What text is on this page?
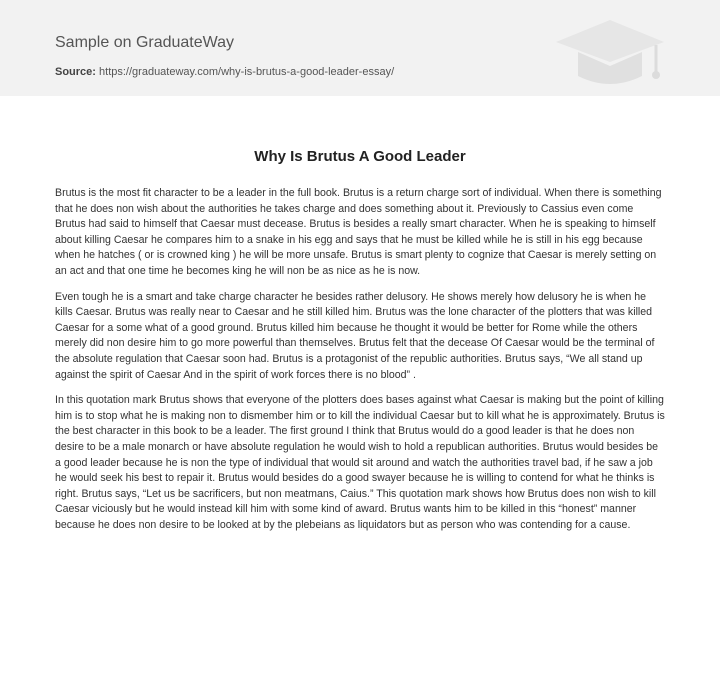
Sample on GraduateWay
Source: https://graduateway.com/why-is-brutus-a-good-leader-essay/
Why Is Brutus A Good Leader

Brutus is the most fit character to be a leader in the full book. Brutus is a return charge sort of individual. When there is something that he does non wish about the authorities he takes charge and does something about it. Previously to Cassius even come Brutus had said to himself that Caesar must decease. Brutus is besides a really smart character. When he is speaking to himself about killing Caesar he compares him to a snake in his egg and says that he must be killed while he is still in his egg because when he hatches ( or is crowned king ) he will be more unsafe. Brutus is smart plenty to cognize that Caesar is merely setting on an act and that one time he becomes king he will non be as nice as he is now.

Even tough he is a smart and take charge character he besides rather delusory. He shows merely how delusory he is when he kills Caesar. Brutus was really near to Caesar and he still killed him. Brutus was the lone character of the plotters that was killed Caesar for a some what of a good ground. Brutus killed him because he thought it would be better for Rome while the others merely did non desire him to go more powerful than themselves. Brutus felt that the decease Of Caesar would be the terminal of the absolute regulation that Caesar soon had. Brutus is a protagonist of the republic authorities. Brutus says, “We all stand up against the spirit of Caesar And in the spirit of work forces there is no blood” .

In this quotation mark Brutus shows that everyone of the plotters does bases against what Caesar is making but the point of killing him is to stop what he is making non to dismember him or to kill the individual Caesar but to kill what he is approximately. Brutus is the best character in this book to be a leader. The first ground I think that Brutus would do a good leader is that he does non desire to be a male monarch or have absolute regulation he would wish to hold a republican authorities. Brutus would besides be a good leader because he is non the type of individual that would sit around and watch the authorities travel bad, if he saw a job he would seek his best to repair it. Brutus would besides do a good swayer because he is willing to contend for what he thinks is right. Brutus says, “Let us be sacrificers, but non meatmans, Caius.” This quotation mark shows how Brutus does non wish to kill Caesar viciously but he would instead kill him with some kind of award. Brutus wants him to be killed in this “honest” manner because he does non desire to be looked at by the plebeians as liquidators but as person who was contending for a cause.
